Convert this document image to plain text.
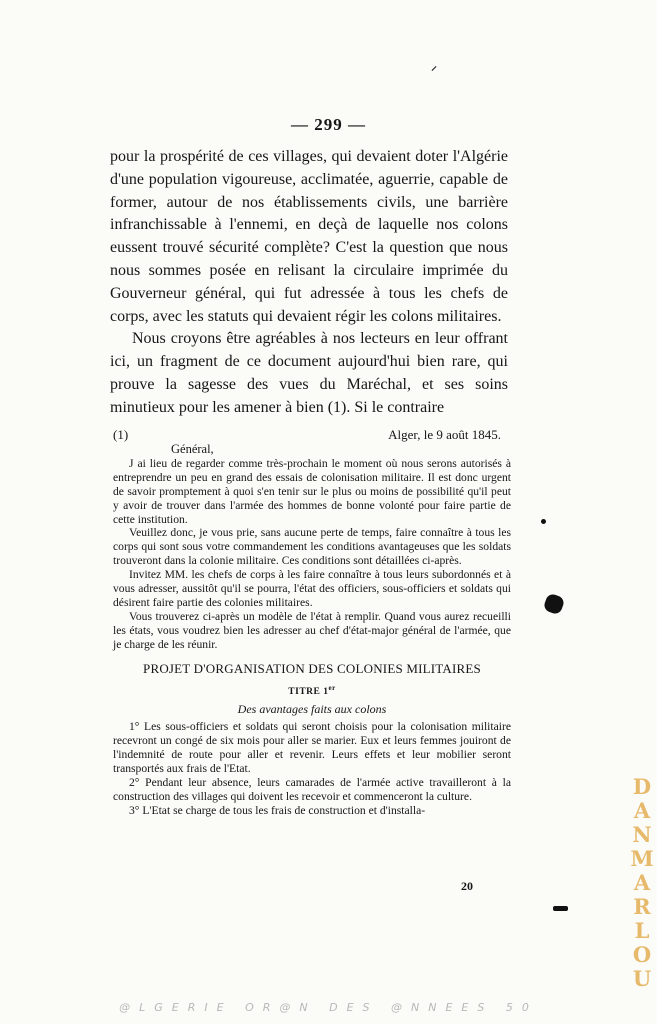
— 299 —

pour la prospérité de ces villages, qui devaient doter l'Algérie d'une population vigoureuse, acclimatée, aguerrie, capable de former, autour de nos établissements civils, une barrière infranchissable à l'ennemi, en deçà de laquelle nos colons eussent trouvé sécurité complète? C'est la question que nous nous sommes posée en relisant la circulaire imprimée du Gouverneur général, qui fut adressée à tous les chefs de corps, avec les statuts qui devaient régir les colons militaires.

Nous croyons être agréables à nos lecteurs en leur offrant ici, un fragment de ce document aujourd'hui bien rare, qui prouve la sagesse des vues du Maréchal, et ses soins minutieux pour les amener à bien (1). Si le contraire

(1)	Alger, le 9 août 1845.
Général,

J ai lieu de regarder comme très-prochain le moment où nous serons autorisés à entreprendre un peu en grand des essais de colonisation militaire. Il est donc urgent de savoir promptement à quoi s'en tenir sur le plus ou moins de possibilité qu'il peut y avoir de trouver dans l'armée des hommes de bonne volonté pour faire partie de cette institution.

Veuillez donc, je vous prie, sans aucune perte de temps, faire connaître à tous les corps qui sont sous votre commandement les conditions avantageuses que les soldats trouveront dans la colonie militaire. Ces conditions sont détaillées ci-après.

Invitez MM. les chefs de corps à les faire connaître à tous leurs subordonnés et à vous adresser, aussitôt qu'il se pourra, l'état des officiers, sous-officiers et soldats qui désirent faire partie des colonies militaires.

Vous trouverez ci-après un modèle de l'état à remplir. Quand vous aurez recueilli les états, vous voudrez bien les adresser au chef d'état-major général de l'armée, que je charge de les réunir.

PROJET D'ORGANISATION DES COLONIES MILITAIRES
TITRE 1er
Des avantages faits aux colons

1° Les sous-officiers et soldats qui seront choisis pour la colonisation militaire recevront un congé de six mois pour aller se marier. Eux et leurs femmes jouiront de l'indemnité de route pour aller et revenir. Leurs effets et leur mobilier seront transportés aux frais de l'Etat.

2° Pendant leur absence, leurs camarades de l'armée active travailleront à la construction des villages qui doivent les recevoir et commenceront la culture.

3° L'Etat se charge de tous les frais de construction et d'installa-

20
DANMARLOU
@LGERIE OR@N DES @NNEES 50
